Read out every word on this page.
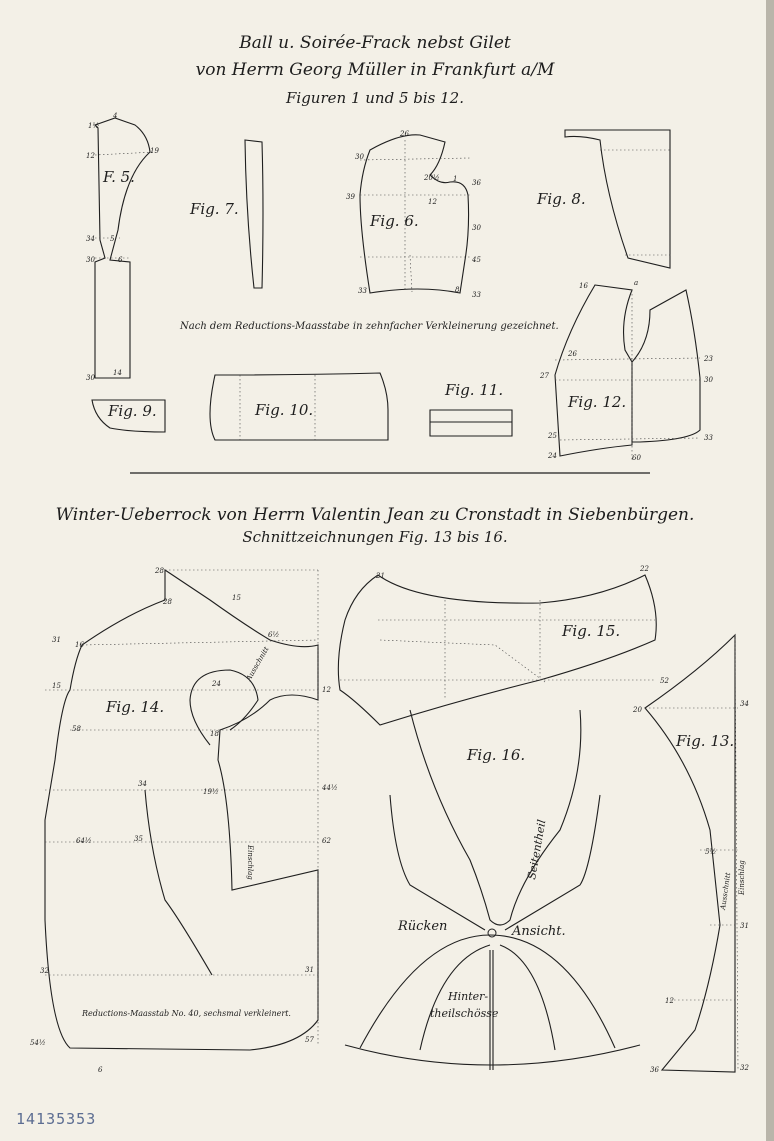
F. 5.
1½
4
12
19
34 5
30	6
14
30
Fig. 7.
Fig. 6.
26
30
39
36
20½ 1
12
30
45
33	8
33
Fig. 8.
Fig. 12.
16	a
26
23
27	30
25	33
60
24
Fig. 9.	Fig. 10.
Fig. 11.
Fig. 14.
28
28	15
6½
31
16
15	24
12
18
58
34	44½
19½
35
64½	62
32	31
57
6
54½
Ausschnitt
Einschlag
Fig. 15.
21
22
52
Fig. 16.
Rücken	Ansicht.
Hinter-
theilschösse
Seitentheil
Fig. 13.
20
34
5½
31
12
36	32
Ausschnitt Einschlag
Ball u. Soirée-Frack nebst Gilet
von Herrn Georg Müller in Frankfurt a/M
Figuren 1 und 5 bis 12.
Nach dem Reductions-Maasstabe in zehnfacher Verkleinerung gezeichnet.
Winter-Ueberrock von Herrn Valentin Jean zu Cronstadt in Siebenbürgen.
Schnittzeichnungen Fig. 13 bis 16.
Reductions-Maasstab No. 40, sechsmal verkleinert.
14135353
